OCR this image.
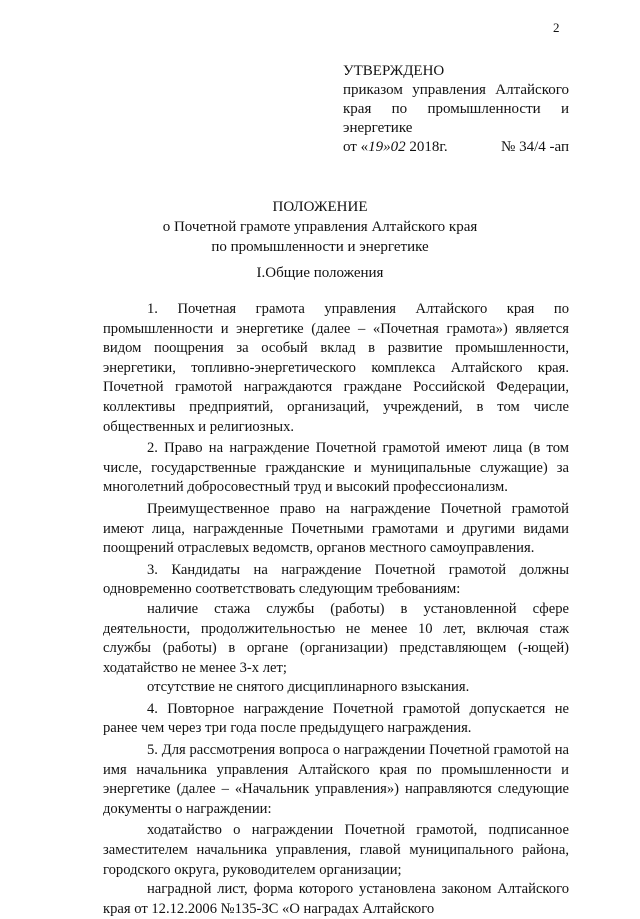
2
УТВЕРЖДЕНО
приказом управления Алтайского
края по промышленности и
энергетике
от «19»02 2018г.	№ 34/4 -ап
ПОЛОЖЕНИЕ
о Почетной грамоте управления Алтайского края
по промышленности и энергетике
I.Общие положения

1. Почетная грамота управления Алтайского края по промышленности и энергетике (далее – «Почетная грамота») является видом поощрения за особый вклад в развитие промышленности, энергетики, топливно-энергетического комплекса Алтайского края. Почетной грамотой награждаются граждане Российской Федерации, коллективы предприятий, организаций, учреждений, в том числе общественных и религиозных.

2. Право на награждение Почетной грамотой имеют лица (в том числе, государственные гражданские и муниципальные служащие) за многолетний добросовестный труд и высокий профессионализм.

Преимущественное право на награждение Почетной грамотой имеют лица, награжденные Почетными грамотами и другими видами поощрений отраслевых ведомств, органов местного самоуправления.

3. Кандидаты на награждение Почетной грамотой должны одновременно соответствовать следующим требованиям:

наличие стажа службы (работы) в установленной сфере деятельности, продолжительностью не менее 10 лет, включая стаж службы (работы) в органе (организации) представляющем (-ющей) ходатайство не менее 3-х лет;

отсутствие не снятого дисциплинарного взыскания.

4. Повторное награждение Почетной грамотой допускается не ранее чем через три года после предыдущего награждения.

5. Для рассмотрения вопроса о награждении Почетной грамотой на имя начальника управления Алтайского края по промышленности и энергетике (далее – «Начальник управления») направляются следующие документы о награждении:

ходатайство о награждении Почетной грамотой, подписанное заместителем начальника управления, главой муниципального района, городского округа, руководителем организации;

наградной лист, форма которого установлена законом Алтайского края от 12.12.2006 №135-ЗС «О наградах Алтайского
